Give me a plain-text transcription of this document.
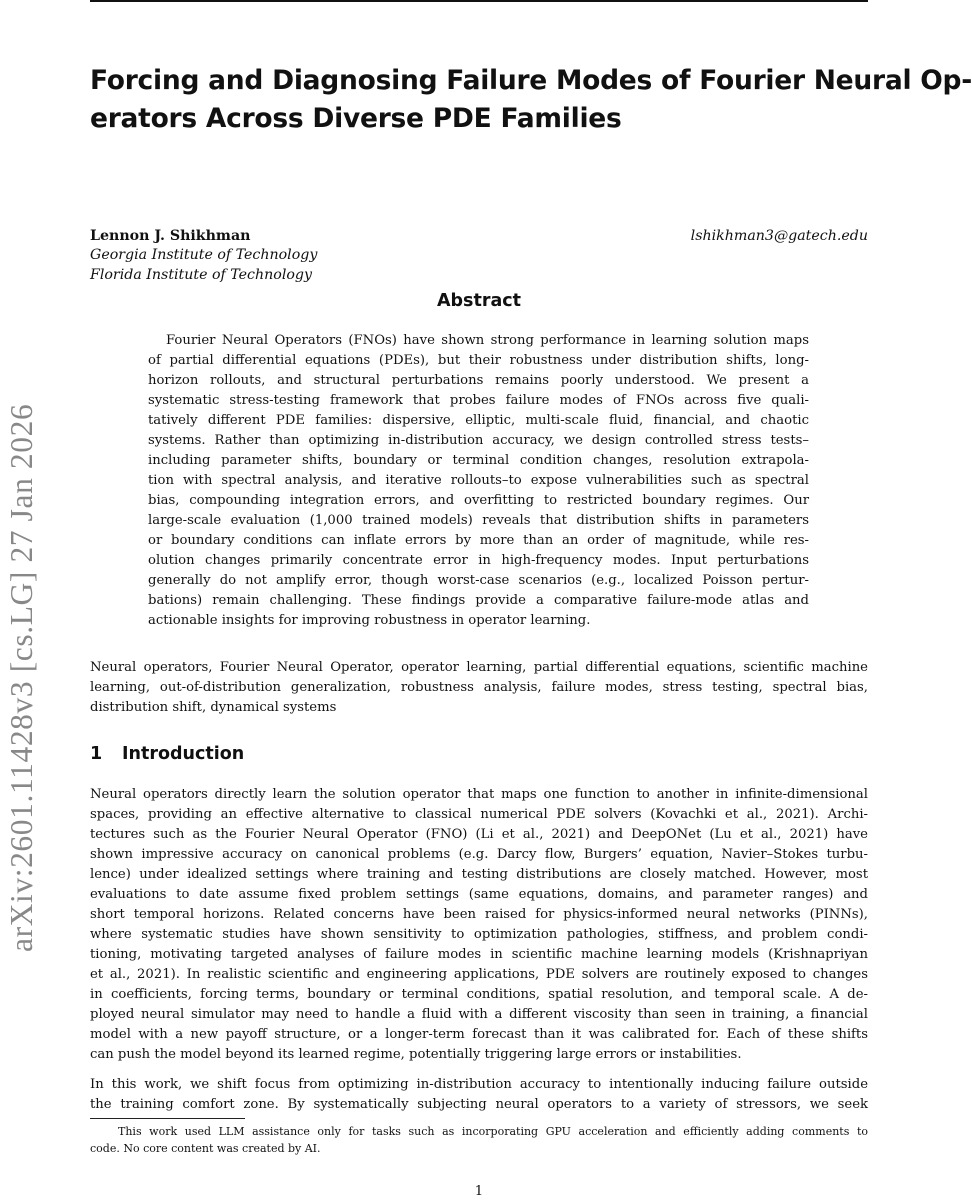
arXiv:2601.11428v3 [cs.LG] 27 Jan 2026
Forcing and Diagnosing Failure Modes of Fourier Neural Op-
erators Across Diverse PDE Families
Lennon J. Shikhman	lshikhman3@gatech.edu
Georgia Institute of Technology
Florida Institute of Technology
Abstract
Fourier Neural Operators (FNOs) have shown strong performance in learning solution maps
of partial differential equations (PDEs), but their robustness under distribution shifts, long-
horizon rollouts, and structural perturbations remains poorly understood. We present a
systematic stress-testing framework that probes failure modes of FNOs across five quali-
tatively different PDE families: dispersive, elliptic, multi-scale fluid, financial, and chaotic
systems. Rather than optimizing in-distribution accuracy, we design controlled stress tests–
including parameter shifts, boundary or terminal condition changes, resolution extrapola-
tion with spectral analysis, and iterative rollouts–to expose vulnerabilities such as spectral
bias, compounding integration errors, and overfitting to restricted boundary regimes. Our
large-scale evaluation (1,000 trained models) reveals that distribution shifts in parameters
or boundary conditions can inflate errors by more than an order of magnitude, while res-
olution changes primarily concentrate error in high-frequency modes. Input perturbations
generally do not amplify error, though worst-case scenarios (e.g., localized Poisson pertur-
bations) remain challenging. These findings provide a comparative failure-mode atlas and
actionable insights for improving robustness in operator learning.
Neural operators, Fourier Neural Operator, operator learning, partial differential equations, scientific machine
learning, out-of-distribution generalization, robustness analysis, failure modes, stress testing, spectral bias,
distribution shift, dynamical systems
1 Introduction
Neural operators directly learn the solution operator that maps one function to another in infinite-dimensional
spaces, providing an effective alternative to classical numerical PDE solvers (Kovachki et al., 2021). Archi-
tectures such as the Fourier Neural Operator (FNO) (Li et al., 2021) and DeepONet (Lu et al., 2021) have
shown impressive accuracy on canonical problems (e.g. Darcy flow, Burgers’ equation, Navier–Stokes turbu-
lence) under idealized settings where training and testing distributions are closely matched. However, most
evaluations to date assume fixed problem settings (same equations, domains, and parameter ranges) and
short temporal horizons. Related concerns have been raised for physics-informed neural networks (PINNs),
where systematic studies have shown sensitivity to optimization pathologies, stiffness, and problem condi-
tioning, motivating targeted analyses of failure modes in scientific machine learning models (Krishnapriyan
et al., 2021). In realistic scientific and engineering applications, PDE solvers are routinely exposed to changes
in coefficients, forcing terms, boundary or terminal conditions, spatial resolution, and temporal scale. A de-
ployed neural simulator may need to handle a fluid with a different viscosity than seen in training, a financial
model with a new payoff structure, or a longer-term forecast than it was calibrated for. Each of these shifts
can push the model beyond its learned regime, potentially triggering large errors or instabilities.
In this work, we shift focus from optimizing in-distribution accuracy to intentionally inducing failure outside
the training comfort zone. By systematically subjecting neural operators to a variety of stressors, we seek
This work used LLM assistance only for tasks such as incorporating GPU acceleration and efficiently adding comments to
code. No core content was created by AI.
1
